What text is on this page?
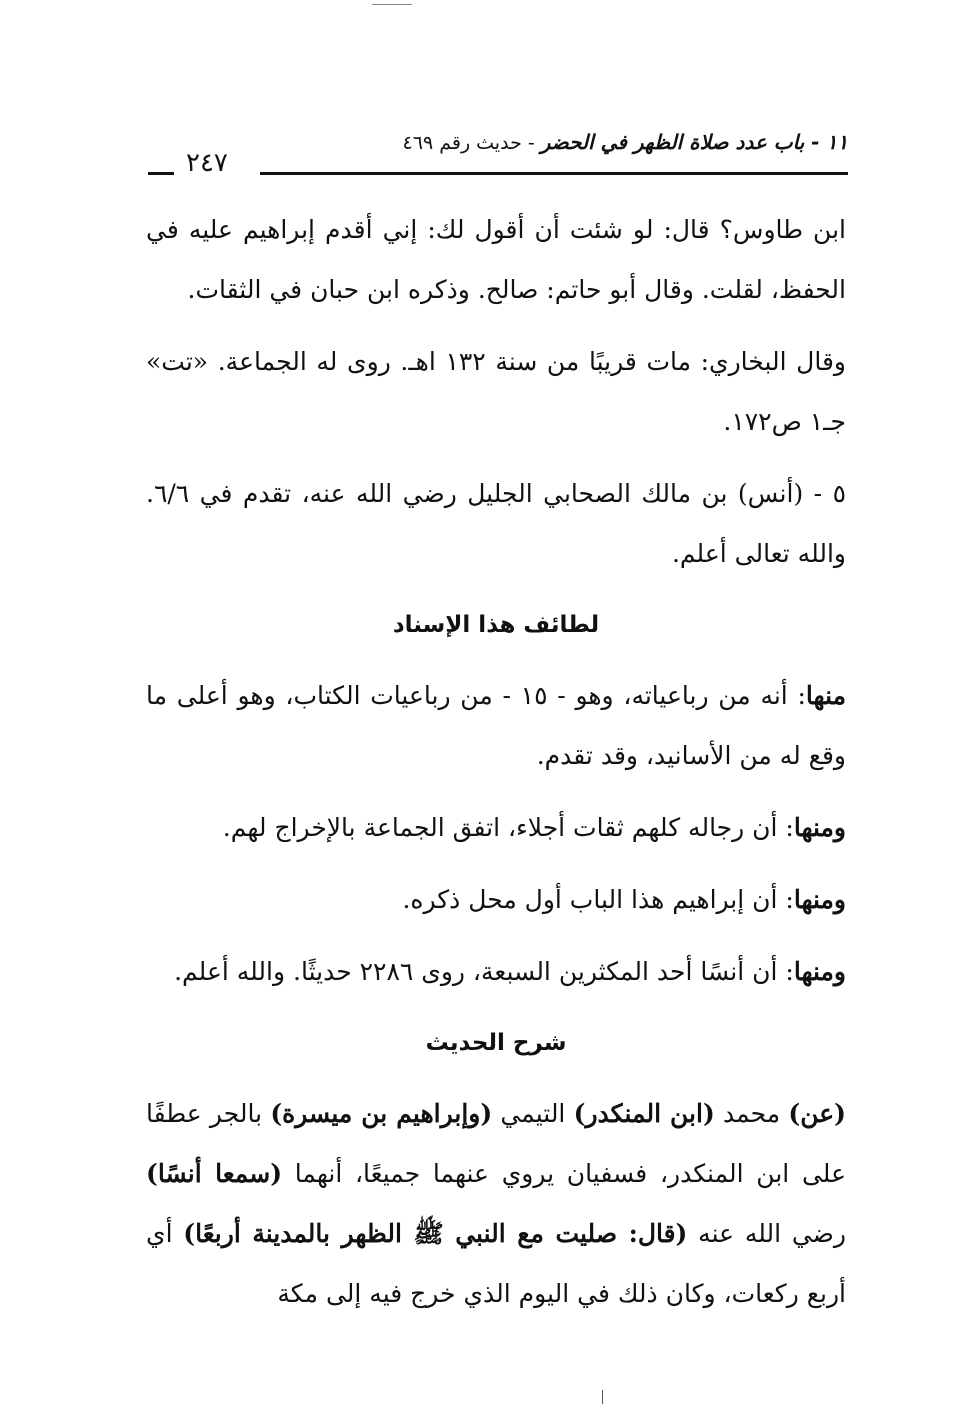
١١ - باب عدد صلاة الظهر في الحضر - حديث رقم ٤٦٩
٢٤٧

ابن طاوس؟ قال: لو شئت أن أقول لك: إني أقدم إبراهيم عليه في الحفظ، لقلت. وقال أبو حاتم: صالح. وذكره ابن حبان في الثقات.

وقال البخاري: مات قريبًا من سنة ١٣٢ اهـ. روى له الجماعة. «تت» جـ١ ص١٧٢.

٥ - (أنس) بن مالك الصحابي الجليل رضي الله عنه، تقدم في ٦/٦. والله تعالى أعلم.

لطائف هذا الإسناد

منها: أنه من رباعياته، وهو - ١٥ - من رباعيات الكتاب، وهو أعلى ما وقع له من الأسانيد، وقد تقدم.

ومنها: أن رجاله كلهم ثقات أجلاء، اتفق الجماعة بالإخراج لهم.

ومنها: أن إبراهيم هذا الباب أول محل ذكره.

ومنها: أن أنسًا أحد المكثرين السبعة، روى ٢٢٨٦ حديثًا. والله أعلم.

شرح الحديث

(عن) محمد (ابن المنكدر) التيمي (وإبراهيم بن ميسرة) بالجر عطفًا على ابن المنكدر، فسفيان يروي عنهما جميعًا، أنهما (سمعا أنسًا) رضي الله عنه (قال: صليت مع النبي ﷺ الظهر بالمدينة أربعًا) أي أربع ركعات، وكان ذلك في اليوم الذي خرج فيه إلى مكة
